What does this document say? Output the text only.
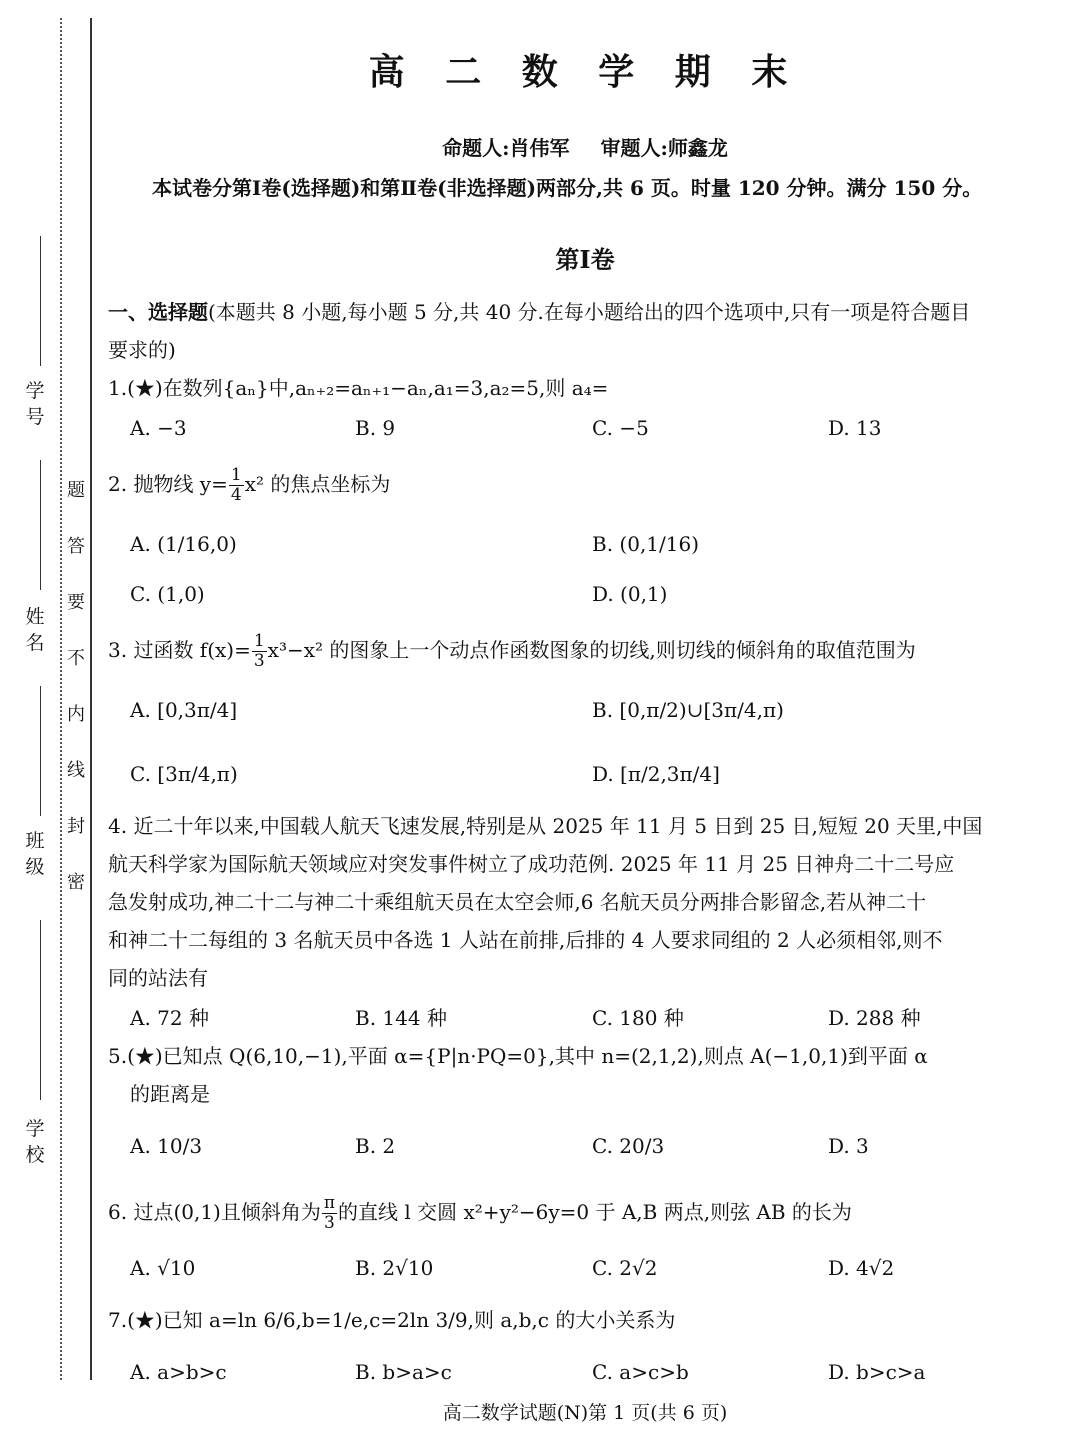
学 号
姓 名
班 级
学 校
题
答
要
不
内
线
封
密
高 二 数 学 期 末
命题人:肖伟军 审题人:师鑫龙
本试卷分第Ⅰ卷(选择题)和第Ⅱ卷(非选择题)两部分,共 6 页。时量 120 分钟。满分 150 分。
第Ⅰ卷
一、选择题(本题共 8 小题,每小题 5 分,共 40 分.在每小题给出的四个选项中,只有一项是符合题目
要求的)
1.(★)在数列{aₙ}中,aₙ₊₂=aₙ₊₁−aₙ,a₁=3,a₂=5,则 a₄=
A. −3	B. 9	C. −5	D. 13
2. 抛物线 $y= \frac{1}{4} x^2$ 的焦点坐标为
A. (1/16,0)	B. (0,1/16)
C. (1,0)	D. (0,1)
3. 过函数 $f(x)= \frac{1}{3} x^3-x^2$ 的图象上一个动点作函数图象的切线,则切线的倾斜角的取值范围为
A. [0,3π/4]	B. [0,π/2)∪[3π/4,π)
C. [3π/4,π)	D. [π/2,3π/4]
4. 近二十年以来,中国载人航天飞速发展,特别是从 2025 年 11 月 5 日到 25 日,短短 20 天里,中国
航天科学家为国际航天领域应对突发事件树立了成功范例. 2025 年 11 月 25 日神舟二十二号应
急发射成功,神二十二与神二十乘组航天员在太空会师,6 名航天员分两排合影留念,若从神二十
和神二十二每组的 3 名航天员中各选 1 人站在前排,后排的 4 人要求同组的 2 人必须相邻,则不
同的站法有
A. 72 种	B. 144 种	C. 180 种	D. 288 种
5.(★)已知点 Q(6,10,−1),平面 α={P|n·PQ=0},其中 n=(2,1,2),则点 A(−1,0,1)到平面 α
的距离是
A. 10/3	B. 2	C. 20/3	D. 3
6. 过点(0,1)且倾斜角为 $\frac{\pi}{3}$ 的直线 l 交圆 x²+y²−6y=0 于 A,B 两点,则弦 AB 的长为
A. √10	B. 2√10	C. 2√2	D. 4√2
7.(★)已知 a=ln 6/6,b=1/e,c=2ln 3/9,则 a,b,c 的大小关系为
A. a>b>c	B. b>a>c	C. a>c>b	D. b>c>a
高二数学试题(N)第 1 页(共 6 页)
